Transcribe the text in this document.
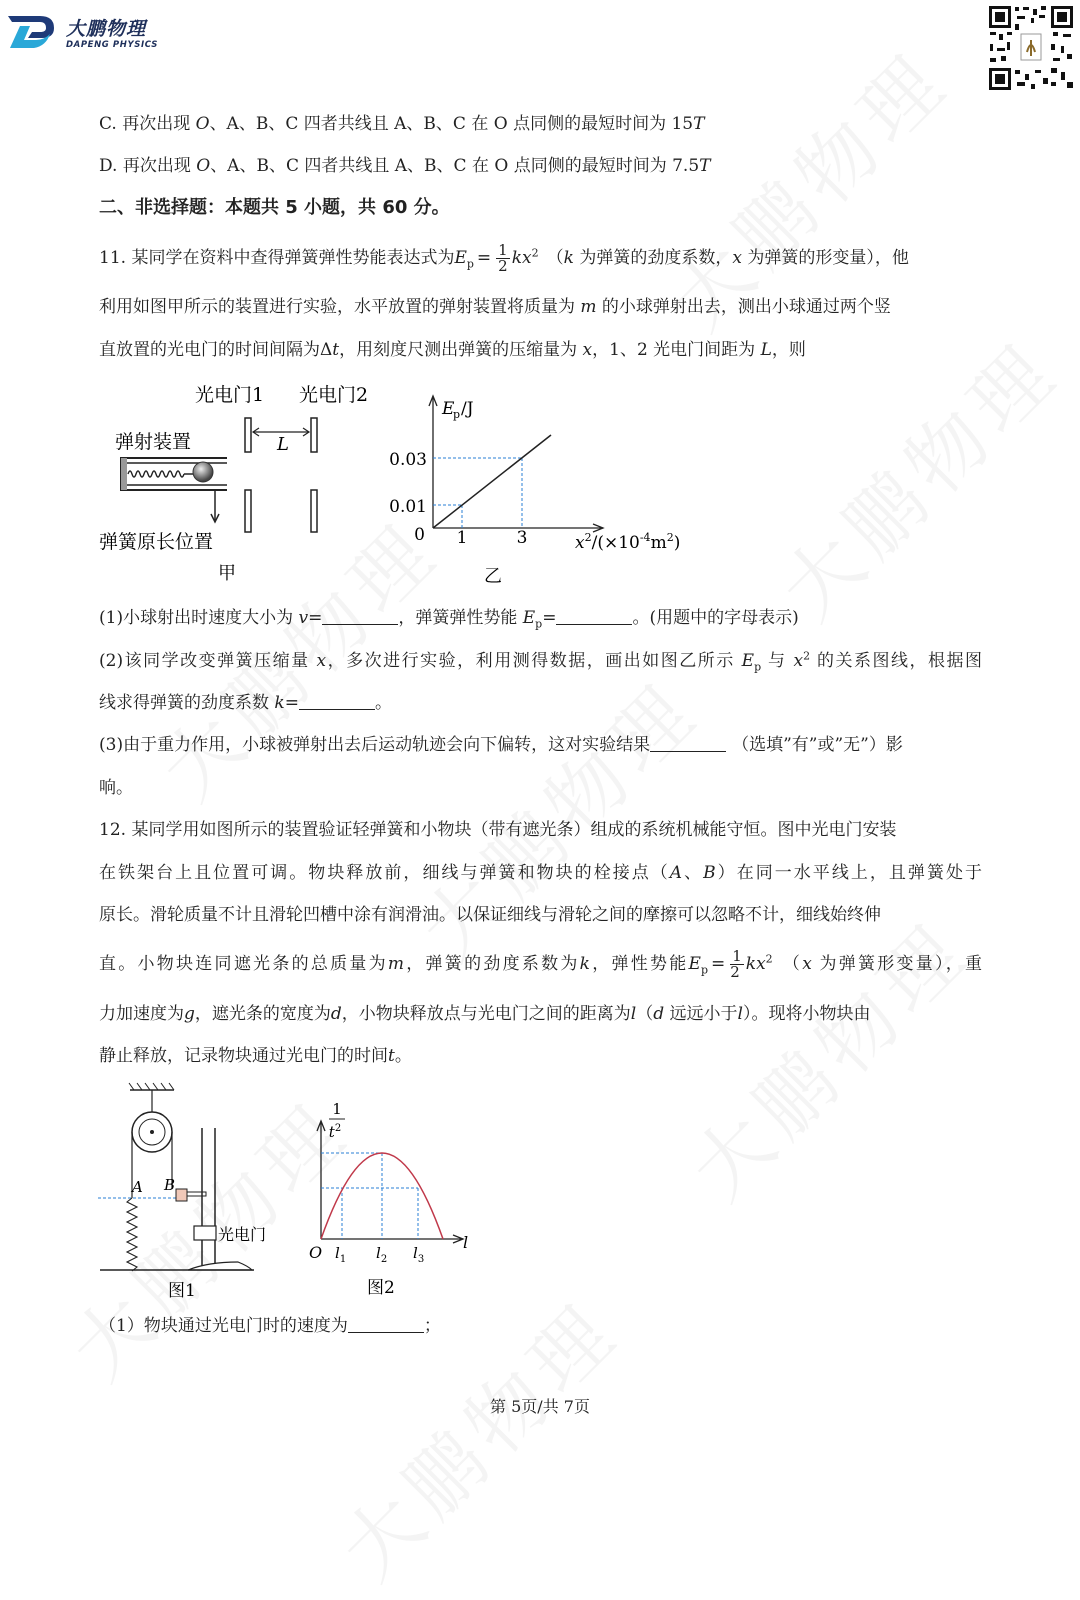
大鹏物理
DAPENG PHYSICS
C. 再次出现 O、A、B、C 四者共线且 A、B、C 在 O 点同侧的最短时间为 15T
D. 再次出现 O、A、B、C 四者共线且 A、B、C 在 O 点同侧的最短时间为 7.5T
二、非选择题：本题共 5 小题，共 60 分。
11. 某同学在资料中查得弹簧弹性势能表达式为$E_p = \frac{1}{2} kx^2$ （k 为弹簧的劲度系数，x 为弹簧的形变量），他
利用如图甲所示的装置进行实验，水平放置的弹射装置将质量为 m 的小球弹射出去，测出小球通过两个竖
直放置的光电门的时间间隔为Δt，用刻度尺测出弹簧的压缩量为 x，1、2 光电门间距为 L，则
光电门1 光电门2
弹射装置	L
弹簧原长位置
甲
E
p /J
0.03
0.01
0 1	3	$x^2/(\times 10^{-4}m^2)$
乙
(1)小球射出时速度大小为 v=	，弹簧弹性势能 $E_p=$	。(用题中的字母表示)
(2)该同学改变弹簧压缩量 x，多次进行实验，利用测得数据，画出如图乙所示 $E_p$ 与 $x^2$ 的关系图线，根据图
线求得弹簧的劲度系数 k=	。
(3)由于重力作用，小球被弹射出去后运动轨迹会向下偏转，这对实验结果	（选填”有”或”无”）影
响。
12. 某同学用如图所示的装置验证轻弹簧和小物块（带有遮光条）组成的系统机械能守恒。图中光电门安装
在铁架台上且位置可调。物块释放前，细线与弹簧和物块的栓接点（A、B）在同一水平线上，且弹簧处于
原长。滑轮质量不计且滑轮凹槽中涂有润滑油。以保证细线与滑轮之间的摩擦可以忽略不计，细线始终伸
直。小物块连同遮光条的总质量为m，弹簧的劲度系数为k，弹性势能$E_p = \frac{1}{2} kx^2$ （x 为弹簧形变量），重
力加速度为g，遮光条的宽度为d，小物块释放点与光电门之间的距离为l（d 远远小于l）。现将小物块由
静止释放，记录物块通过光电门的时间t。
A B
光电门
图1
1
$t^2$
O $l_1$ $l_2$ $l_3$
l
图2
（1）物块通过光电门时的速度为	；
第 5页/共 7页
